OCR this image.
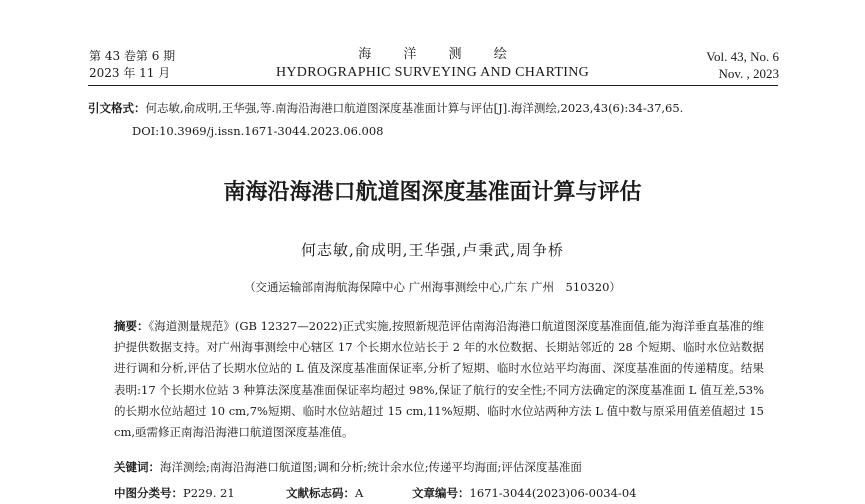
第 43 卷第 6 期
2023 年 11 月
海 洋 测 绘
HYDROGRAPHIC SURVEYING AND CHARTING
Vol. 43, No. 6
Nov. , 2023
引文格式：何志敏,俞成明,王华强,等.南海沿海港口航道图深度基准面计算与评估[J].海洋测绘,2023,43(6):34-37,65.
DOI:10.3969/j.issn.1671-3044.2023.06.008
南海沿海港口航道图深度基准面计算与评估
何志敏,俞成明,王华强,卢秉武,周争桥
（交通运输部南海航海保障中心 广州海事测绘中心,广东 广州　510320）
摘要：《海道测量规范》(GB 12327—2022)正式实施,按照新规范评估南海沿海港口航道图深度基准面值,能为海洋垂直基准的维护提供数据支持。对广州海事测绘中心辖区 17 个长期水位站长于 2 年的水位数据、长期站邻近的 28 个短期、临时水位站数据进行调和分析,评估了长期水位站的 L 值及深度基准面保证率,分析了短期、临时水位站平均海面、深度基准面的传递精度。结果表明:17 个长期水位站 3 种算法深度基准面保证率均超过 98%,保证了航行的安全性;不同方法确定的深度基准面 L 值互差,53%的长期水位站超过 10 cm,7%短期、临时水位站超过 15 cm,11%短期、临时水位站两种方法 L 值中数与原采用值差值超过 15 cm,亟需修正南海沿海港口航道图深度基准值。
关键词：海洋测绘;南海沿海港口航道图;调和分析;统计余水位;传递平均海面;评估深度基准面
中图分类号：P229. 21	文献标志码：A	文章编号：1671-3044(2023)06-0034-04
